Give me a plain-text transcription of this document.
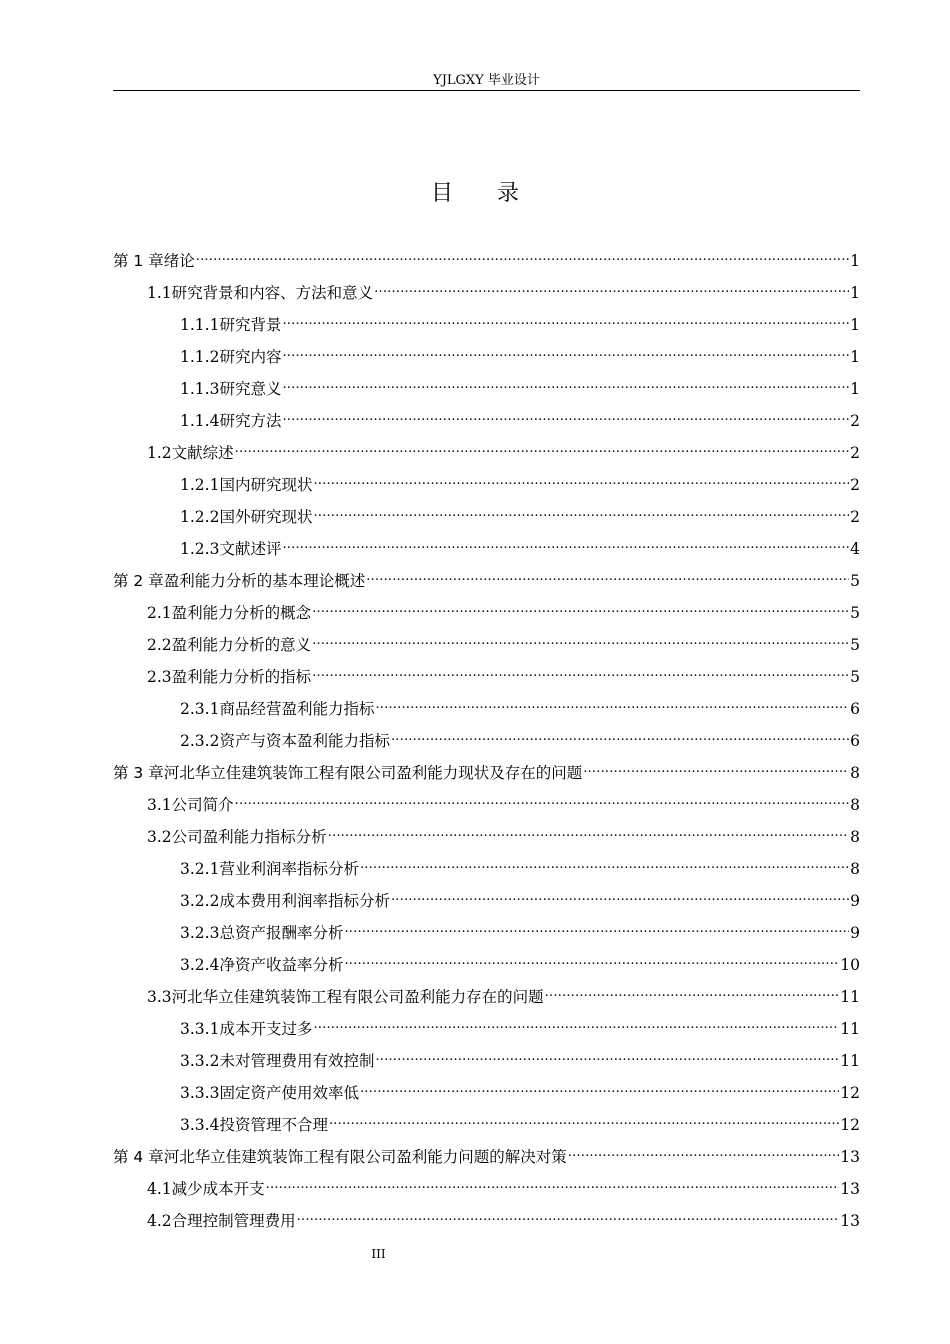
YJLGXY 毕业设计
目录
第 1 章 绪论 .....	1
1.1 研究背景和内容、方法和意义 .....	1
1.1.1 研究背景 .....	1
1.1.2 研究内容 .....	1
1.1.3 研究意义 .....	1
1.1.4 研究方法 .....	2
1.2 文献综述 .....	2
1.2.1 国内研究现状 .....	2
1.2.2 国外研究现状 .....	2
1.2.3 文献述评 .....	4
第 2 章 盈利能力分析的基本理论概述 .....	5
2.1 盈利能力分析的概念 .....	5
2.2 盈利能力分析的意义 .....	5
2.3 盈利能力分析的指标 .....	5
2.3.1 商品经营盈利能力指标 .....	6
2.3.2 资产与资本盈利能力指标 .....	6
第 3 章 河北华立佳建筑装饰工程有限公司盈利能力现状及存在的问题 .....	8
3.1 公司简介 .....	8
3.2 公司盈利能力指标分析 .....	8
3.2.1 营业利润率指标分析 .....	8
3.2.2 成本费用利润率指标分析 .....	9
3.2.3 总资产报酬率分析 .....	9
3.2.4 净资产收益率分析 .....	10
3.3 河北华立佳建筑装饰工程有限公司盈利能力存在的问题 .....	11
3.3.1 成本开支过多 .....	11
3.3.2 未对管理费用有效控制 .....	11
3.3.3 固定资产使用效率低 .....	12
3.3.4 投资管理不合理 .....	12
第 4 章 河北华立佳建筑装饰工程有限公司盈利能力问题的解决对策 .....	13
4.1 减少成本开支 .....	13
4.2 合理控制管理费用 .....	13
III
